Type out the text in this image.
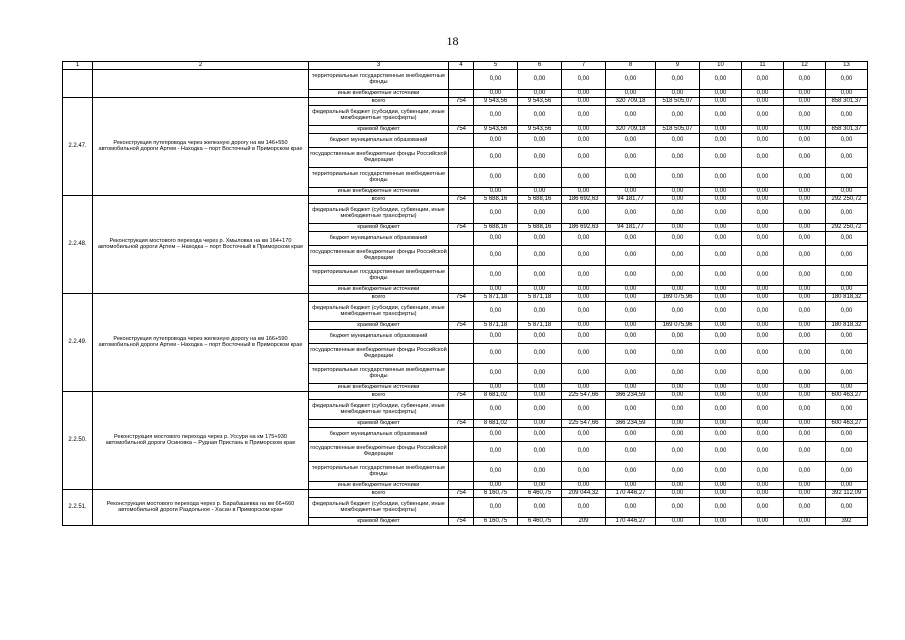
18
1	2	3	4	5	6	7	8	9	10	11	12	13
		территориальные государственные внебюджетные фонды		0,00	0,00	0,00	0,00	0,00	0,00	0,00	0,00	0,00
		иные внебюджетные источники		0,00	0,00	0,00	0,00	0,00	0,00	0,00	0,00	0,00
2.2.47.	Реконструкция путепровода через железную дорогу на км 146+550 автомобильной дороги Артем - Находка – порт Восточный в Приморском крае	всего	754	9 543,56	9 543,56	0,00	320 709,18	518 505,07	0,00	0,00	0,00	858 301,37
		федеральный бюджет (субсидии, субвенции, иные межбюджетные трансферты)		0,00	0,00	0,00	0,00	0,00	0,00	0,00	0,00	0,00
		краевой бюджет	754	9 543,56	9 543,56	0,00	320 709,18	518 505,07	0,00	0,00	0,00	858 301,37
		бюджет муниципальных образований		0,00	0,00	0,00	0,00	0,00	0,00	0,00	0,00	0,00
		государственные внебюджетные фонды Российской Федерации		0,00	0,00	0,00	0,00	0,00	0,00	0,00	0,00	0,00
		территориальные государственные внебюджетные фонды		0,00	0,00	0,00	0,00	0,00	0,00	0,00	0,00	0,00
		иные внебюджетные источники		0,00	0,00	0,00	0,00	0,00	0,00	0,00	0,00	0,00
2.2.48.	Реконструкция мостового перехода через р. Хмыловка на км 164+170 автомобильной дороги Артем – Находка – порт Восточный в Приморском крае	всего	754	5 688,16	5 688,16	186 692,63	94 181,77	0,00	0,00	0,00	0,00	292 250,72
		федеральный бюджет (субсидии, субвенции, иные межбюджетные трансферты)		0,00	0,00	0,00	0,00	0,00	0,00	0,00	0,00	0,00
		краевой бюджет	754	5 688,16	5 688,16	186 692,63	94 181,77	0,00	0,00	0,00	0,00	292 250,72
		бюджет муниципальных образований		0,00	0,00	0,00	0,00	0,00	0,00	0,00	0,00	0,00
		государственные внебюджетные фонды Российской Федерации		0,00	0,00	0,00	0,00	0,00	0,00	0,00	0,00	0,00
		территориальные государственные внебюджетные фонды		0,00	0,00	0,00	0,00	0,00	0,00	0,00	0,00	0,00
		иные внебюджетные источники		0,00	0,00	0,00	0,00	0,00	0,00	0,00	0,00	0,00
2.2.49.	Реконструкция путепровода через железную дорогу на км 166+590 автомобильной дороги Артем - Находка – порт Восточный в Приморском крае	всего	754	5 871,18	5 871,18	0,00	0,00	169 075,96	0,00	0,00	0,00	180 818,32
		федеральный бюджет (субсидии, субвенции, иные межбюджетные трансферты)		0,00	0,00	0,00	0,00	0,00	0,00	0,00	0,00	0,00
		краевой бюджет	754	5 871,18	5 871,18	0,00	0,00	169 075,96	0,00	0,00	0,00	180 818,32
		бюджет муниципальных образований		0,00	0,00	0,00	0,00	0,00	0,00	0,00	0,00	0,00
		государственные внебюджетные фонды Российской Федерации		0,00	0,00	0,00	0,00	0,00	0,00	0,00	0,00	0,00
		территориальные государственные внебюджетные фонды		0,00	0,00	0,00	0,00	0,00	0,00	0,00	0,00	0,00
		иные внебюджетные источники		0,00	0,00	0,00	0,00	0,00	0,00	0,00	0,00	0,00
2.2.50.	Реконструкция мостового перехода через р. Уссури на км 175+930 автомобильной дороги Осиновка – Рудная Пристань в Приморском крае	всего	754	8 681,02	0,00	225 547,66	366 234,59	0,00	0,00	0,00	0,00	600 463,27
		федеральный бюджет (субсидии, субвенции, иные межбюджетные трансферты)		0,00	0,00	0,00	0,00	0,00	0,00	0,00	0,00	0,00
		краевой бюджет	754	8 681,02	0,00	225 547,66	366 234,59	0,00	0,00	0,00	0,00	600 463,27
		бюджет муниципальных образований		0,00	0,00	0,00	0,00	0,00	0,00	0,00	0,00	0,00
		государственные внебюджетные фонды Российской Федерации		0,00	0,00	0,00	0,00	0,00	0,00	0,00	0,00	0,00
		территориальные государственные внебюджетные фонды		0,00	0,00	0,00	0,00	0,00	0,00	0,00	0,00	0,00
		иные внебюджетные источники		0,00	0,00	0,00	0,00	0,00	0,00	0,00	0,00	0,00
2.2.51.	Реконструкция мостового перехода через р. Барабашевка на км 66+660 автомобильной дороги Раздольное - Хасан в Приморском крае	всего	754	6 160,75	6 460,75	209 044,32	170 446,27	0,00	0,00	0,00	0,00	392 112,09
		федеральный бюджет (субсидии, субвенции, иные межбюджетные трансферты)		0,00	0,00	0,00	0,00	0,00	0,00	0,00	0,00	0,00
		краевой бюджет	754	6 160,75	6 460,75	209	170 446,27	0,00	0,00	0,00	0,00	392
